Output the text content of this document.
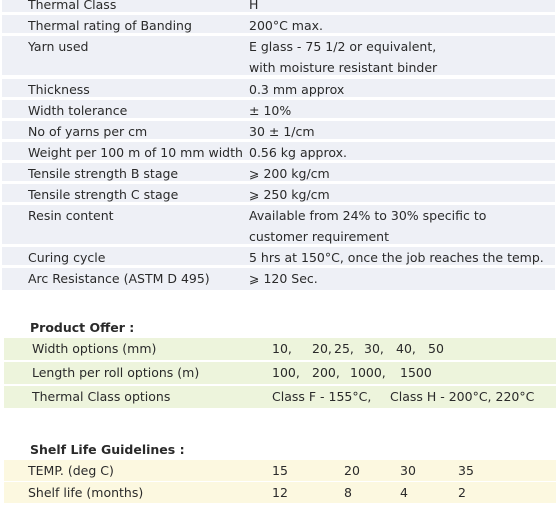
Thermal Class	H
Thermal rating of Banding	200°C max.
Yarn used	E glass - 75 1/2 or equivalent,
with moisture resistant binder
Thickness	0.3 mm approx
Width tolerance	± 10%
No of yarns per cm	30 ± 1/cm
Weight per 100 m of 10 mm width 0.56 kg approx.
Tensile strength B stage	⩾ 200 kg/cm
Tensile strength C stage	⩾ 250 kg/cm
Resin content	Available from 24% to 30% specific to
customer requirement
Curing cycle	5 hrs at 150°C, once the job reaches the temp.
Arc Resistance (ASTM D 495)	⩾ 120 Sec.
Product Offer :
Width options (mm)	10, 20, 25, 30, 40, 50
Length per roll options (m)	100, 200, 1000, 1500
Thermal Class options	Class F - 155°C, Class H - 200°C, 220°C
Shelf Life Guidelines :
TEMP. (deg C)	15	20	30	35
Shelf life (months)	12	8	4	2
